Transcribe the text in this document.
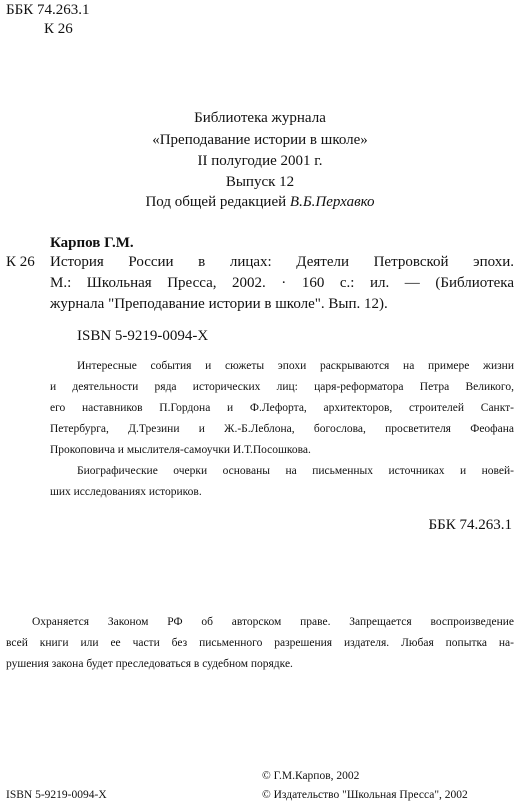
ББК 74.263.1
К 26
Библиотека журнала
«Преподавание истории в школе»
II полугодие 2001 г.
Выпуск 12
Под общей редакцией В.Б.Перхавко
Карпов Г.М.
К 26 История России в лицах: Деятели Петровской эпохи.
М.: Школьная Пресса, 2002. · 160 с.: ил. — (Библиотека
журнала "Преподавание истории в школе". Вып. 12).
ISBN 5-9219-0094-X
Интересные события и сюжеты эпохи раскрываются на примере жизни
и деятельности ряда исторических лиц: царя-реформатора Петра Великого,
его наставников П.Гордона и Ф.Лефорта, архитекторов, строителей Санкт-
Петербурга, Д.Трезини и Ж.-Б.Леблона, богослова, просветителя Феофана
Прокоповича и мыслителя-самоучки И.Т.Посошкова.
Биографические очерки основаны на письменных источниках и новей-
ших исследованиях историков.
ББК 74.263.1
Охраняется Законом РФ об авторском праве. Запрещается воспроизведение
всей книги или ее части без письменного разрешения издателя. Любая попытка на-
рушения закона будет преследоваться в судебном порядке.
© Г.М.Карпов, 2002
ISBN 5-9219-0094-X	© Издательство "Школьная Пресса", 2002
